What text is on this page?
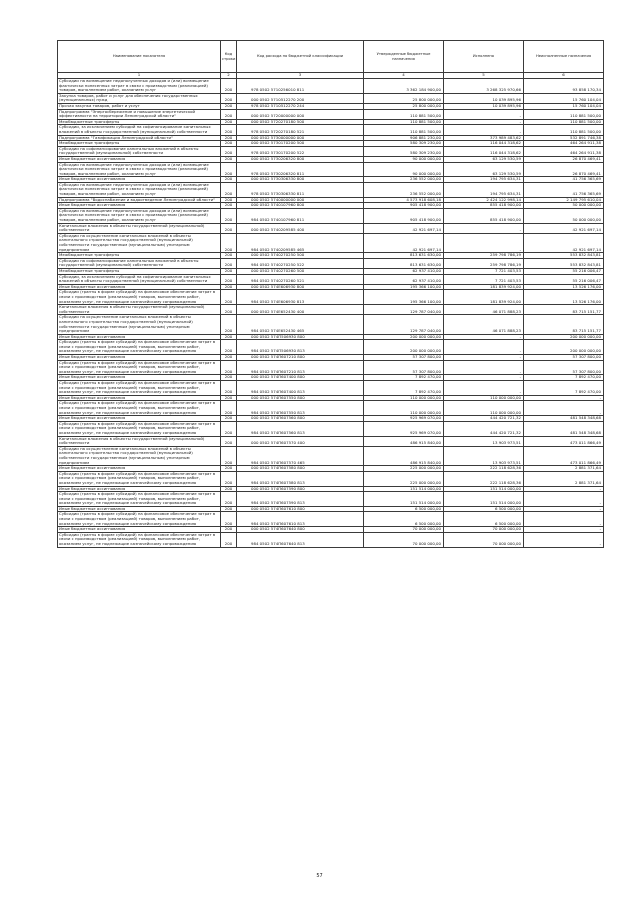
Наименование показателя	Код строки	Код расхода по бюджетной классификации	Утвержденные бюджетные назначения	Исполнено	Неисполненные назначения
1	2	3	4	5	6
Субсидии на возмещение недополученных доходов и (или) возмещение фактически понесенных затрат в связи с производством (реализацией) товаров, выполнением работ, оказанием услуг	200	978 0502 5710256010 811	3 362 184 900,00	3 268 325 970,66	93 858 170,34
Закупка товаров, работ и услуг для обеспечения государственных (муниципальных) нужд	200	000 0502 5710512270 200	25 800 000,00	10 039 895,96	15 760 104,04
Прочая закупка товаров, работ и услуг	200	978 0502 5710512270 244	25 800 000,00	10 039 895,96	15 760 104,04
Подпрограмма "Энергосбережение и повышение энергетической эффективности на территории Ленинградской области"	200	000 0502 5720000000 000	110 881 500,00	-	110 881 500,00
Межбюджетные трансферты	200	000 0502 5720270180 500	110 881 500,00	-	110 881 500,00
Субсидии, за исключением субсидий на софинансирование капитальных вложений в объекты государственной (муниципальной) собственности	200	978 0502 5720270180 521	110 881 500,00	-	110 881 500,00
Подпрограмма "Газификация Ленинградской области"	200	000 0502 5730000000 000	906 881 230,00	373 989 483,62	532 891 746,38
Межбюджетные трансферты	200	000 0502 5730170200 500	580 309 230,00	116 044 318,62	464 264 911,38
Субсидии на софинансирование капитальных вложений в объекты государственной (муниципальной) собственности	200	978 0502 5730170200 522	580 309 230,00	116 044 318,62	464 264 911,38
Иные бюджетные ассигнования	200	000 0502 5730206320 800	90 000 000,00	63 129 530,59	26 870 469,41
Субсидии на возмещение недополученных доходов и (или) возмещение фактически понесенных затрат в связи с производством (реализацией) товаров, выполнением работ, оказанием услуг	200	978 0502 5730206320 811	90 000 000,00	63 129 530,59	26 870 469,41
Иные бюджетные ассигнования	200	000 0502 5730306330 800	236 552 000,00	194 795 634,31	41 756 365,69
Субсидии на возмещение недополученных доходов и (или) возмещение фактически понесенных затрат в связи с производством (реализацией) товаров, выполнением работ, оказанием услуг	200	978 0502 5730306330 811	236 552 000,00	194 795 634,31	41 756 365,69
Подпрограмма "Водоснабжение и водоотведение Ленинградской области"	200	000 0502 5740000000 000	4 573 918 608,18	2 424 122 998,14	2 149 795 610,04
Иные бюджетные ассигнования	200	000 0502 5740107960 800	905 418 900,00	855 418 900,00	50 000 000,00
Субсидии на возмещение недополученных доходов и (или) возмещение фактически понесенных затрат в связи с производством (реализацией) товаров, выполнением работ, оказанием услуг	200	984 0502 5740107960 811	905 418 900,00	855 418 900,00	50 000 000,00
Капитальные вложения в объекты государственной (муниципальной) собственности	200	000 0502 5740209585 400	42 921 697,14	-	42 921 697,14
Субсидии на осуществление капитальных вложений в объекты капитального строительства государственной (муниципальной) собственности государственным (муниципальным) унитарным предприятиям	200	984 0502 5740209585 465	42 921 697,14	-	42 921 697,14
Межбюджетные трансферты	200	000 0502 5740270250 500	813 631 630,00	259 798 786,19	553 832 843,81
Субсидии на софинансирование капитальных вложений в объекты государственной (муниципальной) собственности	200	984 0502 5740270250 522	813 631 630,00	259 798 786,19	553 832 843,81
Межбюджетные трансферты	200	000 0502 5740270260 500	62 937 410,00	7 721 403,53	55 216 006,47
Субсидии, за исключением субсидий на софинансирование капитальных вложений в объекты государственной (муниципальной) собственности	200	984 0502 5740270260 521	62 937 410,00	7 721 403,53	55 216 006,47
Иные бюджетные ассигнования	200	000 0502 574Е606930 800	195 366 100,00	181 839 924,00	13 526 176,00
Субсидии (гранты в форме субсидий) на финансовое обеспечение затрат в связи с производством (реализацией) товаров, выполнением работ, оказанием услуг, не подлежащие казначейскому сопровождению	200	984 0502 574Е606930 813	195 366 100,00	181 839 924,00	13 526 176,00
Капитальные вложения в объекты государственной (муниципальной) собственности	200	000 0502 574Е652430 400	129 787 040,00	46 071 888,23	83 715 151,77
Субсидии на осуществление капитальных вложений в объекты капитального строительства государственной (муниципальной) собственности государственным (муниципальным) унитарным предприятиям	200	984 0502 574Е652430 465	129 787 040,00	46 071 888,23	83 715 151,77
Иные бюджетные ассигнования	200	000 0502 574П506930 800	200 000 000,00	-	200 000 000,00
Субсидии (гранты в форме субсидий) на финансовое обеспечение затрат в связи с производством (реализацией) товаров, выполнением работ, оказанием услуг, не подлежащие казначейскому сопровождению	200	984 0502 574П506930 813	200 000 000,00	-	200 000 000,00
Иные бюджетные ассигнования	200	000 0502 574П607210 800	57 307 800,00	-	57 307 800,00
Субсидии (гранты в форме субсидий) на финансовое обеспечение затрат в связи с производством (реализацией) товаров, выполнением работ, оказанием услуг, не подлежащие казначейскому сопровождению	200	984 0502 574П607210 813	57 307 800,00	-	57 307 800,00
Иные бюджетные ассигнования	200	000 0502 574П607400 800	7 892 470,00	-	7 892 470,00
Субсидии (гранты в форме субсидий) на финансовое обеспечение затрат в связи с производством (реализацией) товаров, выполнением работ, оказанием услуг, не подлежащие казначейскому сопровождению	200	984 0502 574П607400 813	7 892 470,00	-	7 892 470,00
Иные бюджетные ассигнования	200	000 0502 574П607550 800	110 000 000,00	110 000 000,00	-
Субсидии (гранты в форме субсидий) на финансовое обеспечение затрат в связи с производством (реализацией) товаров, выполнением работ, оказанием услуг, не подлежащие казначейскому сопровождению	200	984 0502 574П607550 813	110 000 000,00	110 000 000,00	-
Иные бюджетные ассигнования	200	000 0502 574П607560 800	925 969 070,00	444 420 721,32	481 548 348,68
Субсидии (гранты в форме субсидий) на финансовое обеспечение затрат в связи с производством (реализацией) товаров, выполнением работ, оказанием услуг, не подлежащие казначейскому сопровождению	200	984 0502 574П607560 813	925 969 070,00	444 420 721,32	481 548 348,68
Капитальные вложения в объекты государственной (муниципальной) собственности	200	000 0502 574П607570 400	486 915 840,00	13 903 973,51	473 011 866,49
Субсидии на осуществление капитальных вложений в объекты капитального строительства государственной (муниципальной) собственности государственным (муниципальным) унитарным предприятиям	200	984 0502 574П607570 465	486 915 840,00	13 903 973,51	473 011 866,49
Иные бюджетные ассигнования	200	000 0502 574П607580 800	225 000 000,00	222 118 628,36	2 881 371,64
Субсидии (гранты в форме субсидий) на финансовое обеспечение затрат в связи с производством (реализацией) товаров, выполнением работ, оказанием услуг, не подлежащие казначейскому сопровождению	200	984 0502 574П607580 813	225 000 000,00	222 118 628,36	2 881 371,64
Иные бюджетные ассигнования	200	000 0502 574П607590 800	151 514 000,00	151 514 000,00	-
Субсидии (гранты в форме субсидий) на финансовое обеспечение затрат в связи с производством (реализацией) товаров, выполнением работ, оказанием услуг, не подлежащие казначейскому сопровождению	200	984 0502 574П607590 813	151 514 000,00	151 514 000,00	-
Иные бюджетные ассигнования	200	000 0502 574П607610 800	6 500 000,00	6 500 000,00	-
Субсидии (гранты в форме субсидий) на финансовое обеспечение затрат в связи с производством (реализацией) товаров, выполнением работ, оказанием услуг, не подлежащие казначейскому сопровождению	200	984 0502 574П607610 813	6 500 000,00	6 500 000,00	-
Иные бюджетные ассигнования	200	000 0502 574П607640 800	70 000 000,00	70 000 000,00	-
Субсидии (гранты в форме субсидий) на финансовое обеспечение затрат в связи с производством (реализацией) товаров, выполнением работ, оказанием услуг, не подлежащие казначейскому сопровождению	200	984 0502 574П607640 813	70 000 000,00	70 000 000,00	-
57
